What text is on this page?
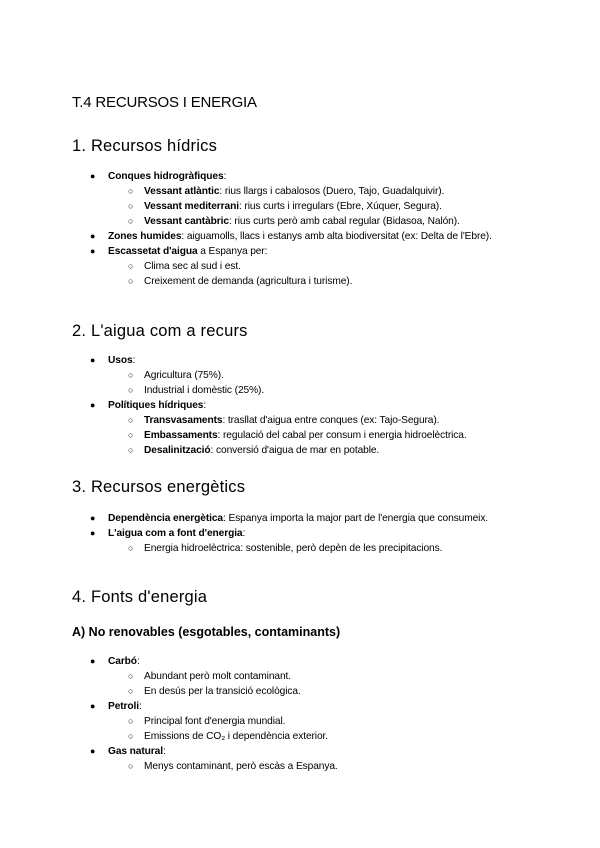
T.4 RECURSOS I ENERGIA
1. Recursos hídrics
● Conques hidrogràfiques:
○ Vessant atlàntic: rius llargs i cabalosos (Duero, Tajo, Guadalquivir).
○ Vessant mediterrani: rius curts i irregulars (Ebre, Xúquer, Segura).
○ Vessant cantàbric: rius curts però amb cabal regular (Bidasoa, Nalón).
● Zones humides: aiguamolls, llacs i estanys amb alta biodiversitat (ex: Delta de l'Ebre).
● Escassetat d'aigua a Espanya per:
○ Clima sec al sud i est.
○ Creixement de demanda (agricultura i turisme).
2. L'aigua com a recurs
● Usos:
○ Agricultura (75%).
○ Industrial i domèstic (25%).
● Polítiques hídriques:
○ Transvasaments: trasllat d'aigua entre conques (ex: Tajo-Segura).
○ Embassaments: regulació del cabal per consum i energia hidroelèctrica.
○ Desalinització: conversió d'aigua de mar en potable.
3. Recursos energètics
● Dependència energètica: Espanya importa la major part de l'energia que consumeix.
● L'aigua com a font d'energia:
○ Energia hidroelèctrica: sostenible, però depèn de les precipitacions.
4. Fonts d'energia
A) No renovables (esgotables, contaminants)
● Carbó:
○ Abundant però molt contaminant.
○ En desús per la transició ecològica.
● Petroli:
○ Principal font d'energia mundial.
○ Emissions de CO₂ i dependència exterior.
● Gas natural:
○ Menys contaminant, però escàs a Espanya.
